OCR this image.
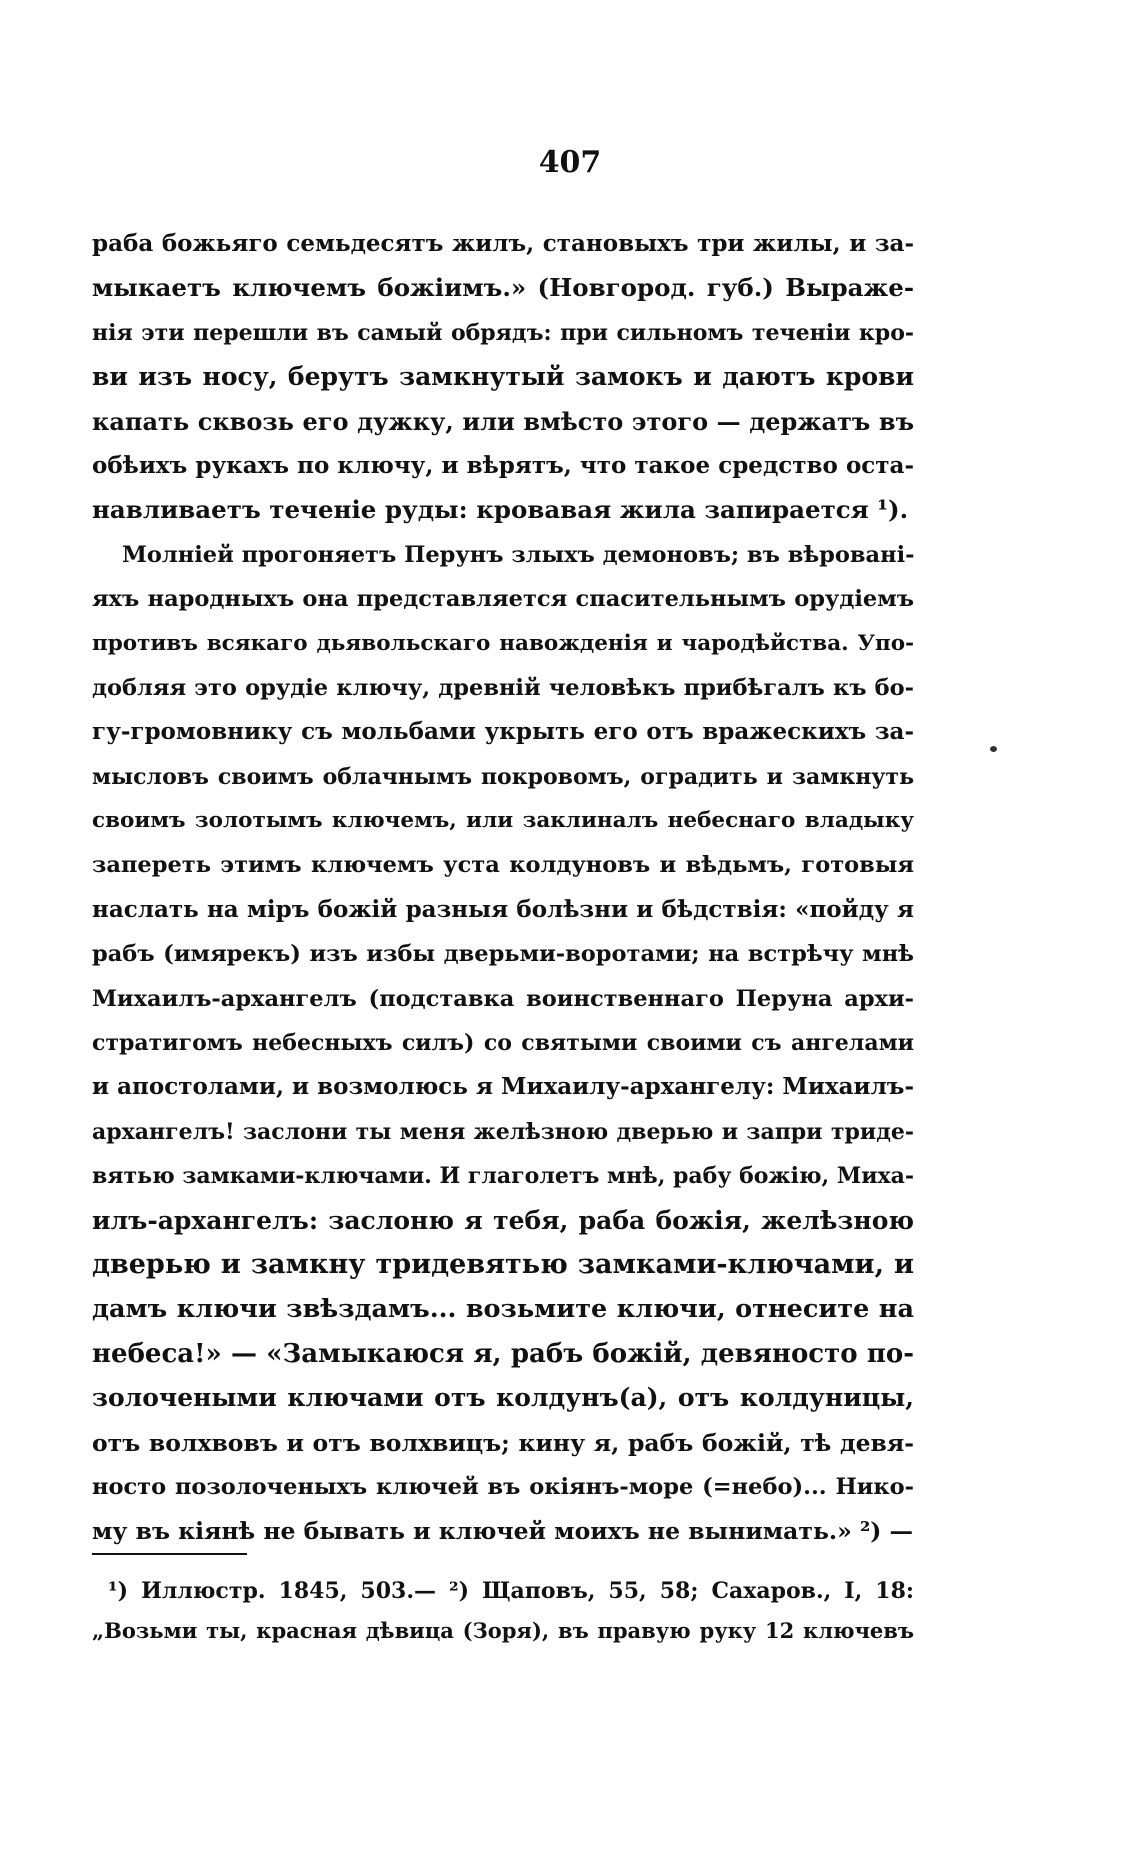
407
раба божьяго семьдесятъ жилъ, становыхъ три жилы, и за-
мыкаетъ ключемъ божіимъ.» (Новгород. губ.) Выраже-
нія эти перешли въ самый обрядъ: при сильномъ теченіи кро-
ви изъ носу, берутъ замкнутый замокъ и даютъ крови
капать сквозь его дужку, или вмѣсто этого — держатъ въ
обѣихъ рукахъ по ключу, и вѣрятъ, что такое средство оста-
навливаетъ теченіе руды: кровавая жила запирается ¹).
Молніей прогоняетъ Перунъ злыхъ демоновъ; въ вѣрованi-
яхъ народныхъ она представляется спасительнымъ орудiемъ
противъ всякаго дьявольскаго навожденія и чародѣйства. Упо-
добляя это орудіе ключу, древній человѣкъ прибѣгалъ къ бо-
гу-громовнику съ мольбами укрыть его отъ вражескихъ за-
мысловъ своимъ облачнымъ покровомъ, оградить и замкнуть
своимъ золотымъ ключемъ, или заклиналъ небеснаго владыку
запереть этимъ ключемъ уста колдуновъ и вѣдьмъ, готовыя
наслать на міръ божій разныя болѣзни и бѣдствія: «пойду я
рабъ (имярекъ) изъ избы дверьми-воротами; на встрѣчу мнѣ
Михаилъ-архангелъ (подставка воинственнаго Перуна архи-
стратигомъ небесныхъ силъ) со святыми своими съ ангелами
и апостолами, и возмолюсь я Михаилу-архангелу: Михаилъ-
архангелъ! заслони ты меня желѣзною дверью и запри триде-
вятью замками-ключами. И глаголетъ мнѣ, рабу божію, Миха-
илъ-архангелъ: заслоню я тебя, раба божія, желѣзною
дверью и замкну тридевятью замками-ключами, и
дамъ ключи звѣздамъ... возьмите ключи, отнесите на
небеса!» — «Замыкаюся я, рабъ божій, девяносто по-
золочеными ключами отъ колдунъ(а), отъ колдуницы,
отъ волхвовъ и отъ волхвицъ; кину я, рабъ божій, тѣ девя-
носто позолоченыхъ ключей въ окіянъ-море (=небо)... Нико-
му въ кіянѣ не бывать и ключей моихъ не вынимать.» ²) —
¹) Иллюстр. 1845, 503.— ²) Щаповъ, 55, 58; Сахаров., I, 18:
„Возьми ты, красная дѣвица (Зоря), въ правую руку 12 ключевъ
